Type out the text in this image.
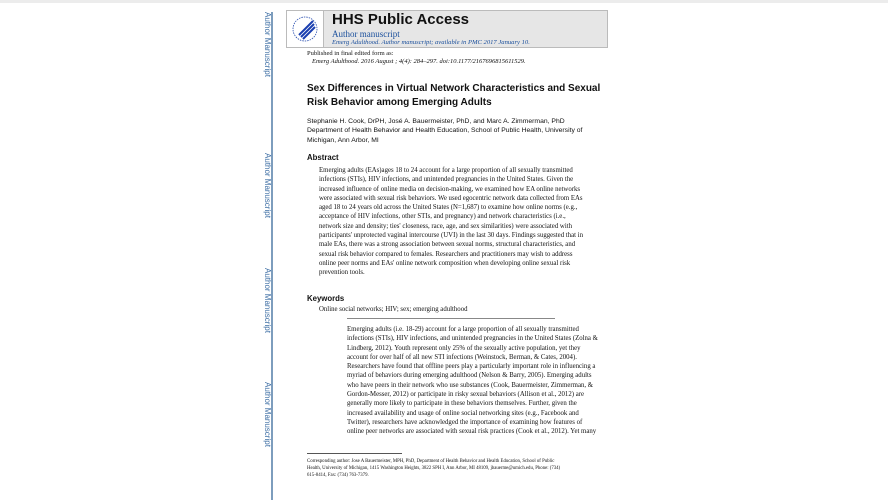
Author Manuscript
Author Manuscript
Author Manuscript
Author Manuscript
HHS Public Access
Author manuscript
Emerg Adulthood. Author manuscript; available in PMC 2017 January 10.
Published in final edited form as:
Emerg Adulthood. 2016 August ; 4(4): 284–297. doi:10.1177/2167696815611529.
Sex Differences in Virtual Network Characteristics and Sexual
Risk Behavior among Emerging Adults
Stephanie H. Cook, DrPH, José A. Bauermeister, PhD, and Marc A. Zimmerman, PhD
Department of Health Behavior and Health Education, School of Public Health, University of
Michigan, Ann Arbor, MI
Abstract
Emerging adults (EAs)ages 18 to 24 account for a large proportion of all sexually transmitted
infections (STIs), HIV infections, and unintended pregnancies in the United States. Given the
increased influence of online media on decision-making, we examined how EA online networks
were associated with sexual risk behaviors. We used egocentric network data collected from EAs
aged 18 to 24 years old across the United States (N=1,687) to examine how online norms (e.g.,
acceptance of HIV infections, other STIs, and pregnancy) and network characteristics (i.e.,
network size and density; ties' closeness, race, age, and sex similarities) were associated with
participants' unprotected vaginal intercourse (UVI) in the last 30 days. Findings suggested that in
male EAs, there was a strong association between sexual norms, structural characteristics, and
sexual risk behavior compared to females. Researchers and practitioners may wish to address
online peer norms and EAs' online network composition when developing online sexual risk
prevention tools.
Keywords
Online social networks; HIV; sex; emerging adulthood
Emerging adults (i.e. 18-29) account for a large proportion of all sexually transmitted
infections (STIs), HIV infections, and unintended pregnancies in the United States (Zolna &
Lindberg, 2012). Youth represent only 25% of the sexually active population, yet they
account for over half of all new STI infections (Weinstock, Berman, & Cates, 2004).
Researchers have found that offline peers play a particularly important role in influencing a
myriad of behaviors during emerging adulthood (Nelson & Barry, 2005). Emerging adults
who have peers in their network who use substances (Cook, Bauermeister, Zimmerman, &
Gordon-Messer, 2012) or participate in risky sexual behaviors (Allison et al., 2012) are
generally more likely to participate in these behaviors themselves. Further, given the
increased availability and usage of online social networking sites (e.g., Facebook and
Twitter), researchers have acknowledged the importance of examining how features of
online peer networks are associated with sexual risk practices (Cook et al., 2012). Yet many
Corresponding author: Jose A Bauermeister, MPH, PhD, Department of Health Behavior and Health Education, School of Public
Health, University of Michigan, 1415 Washington Heights, 3822 SPH I, Ann Arbor, MI 48109, jbauerme@umich.edu, Phone: (734)
615-8414, Fax: (734) 763-7379.
